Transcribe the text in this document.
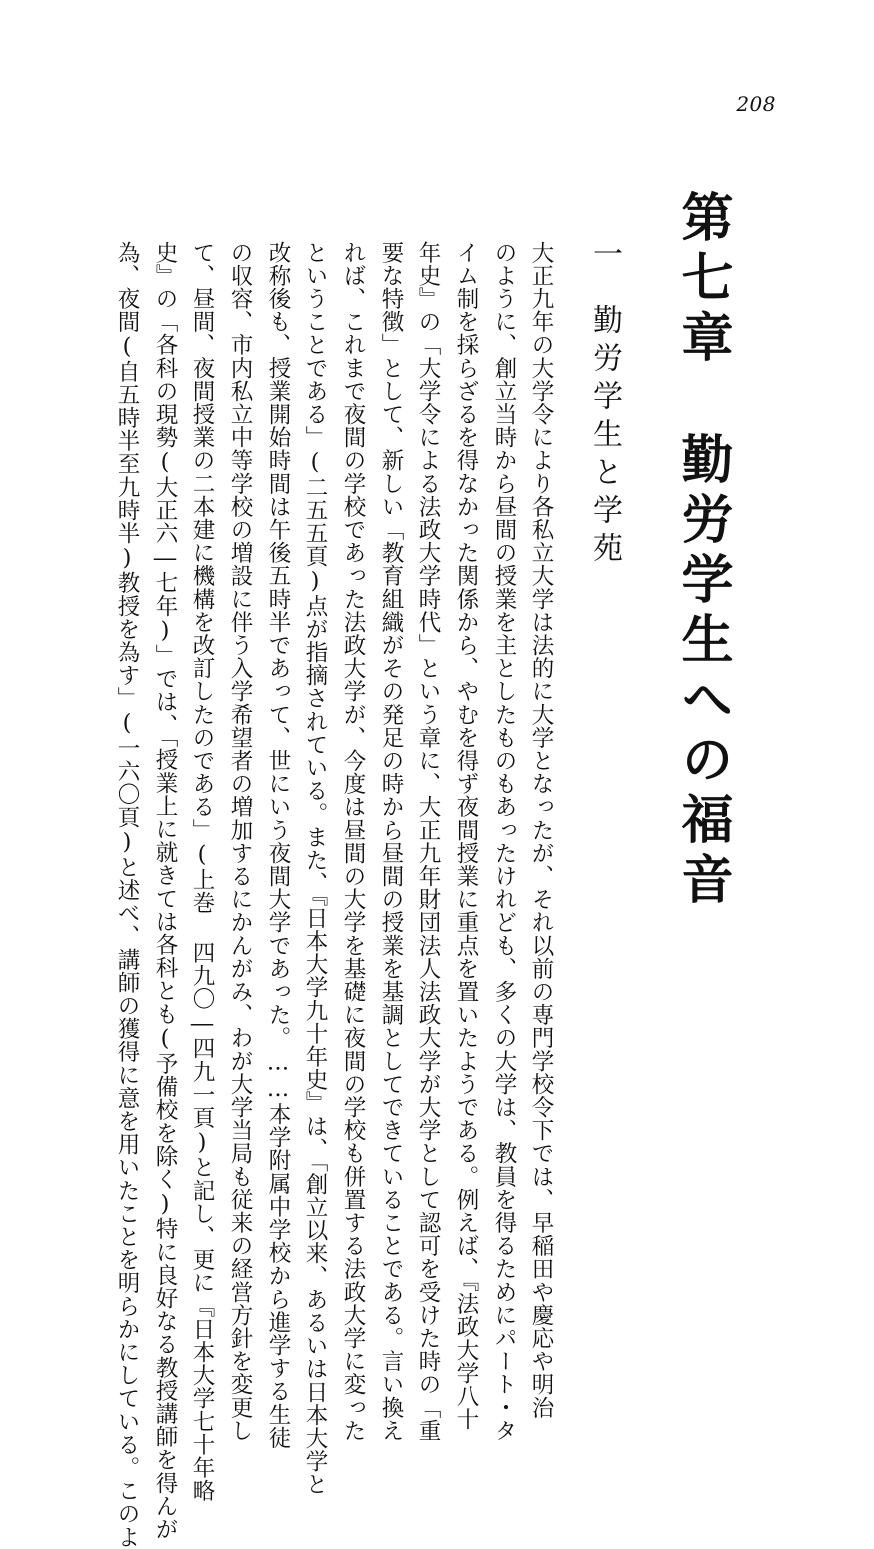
208
第七章勤労学生への福音
一勤労学生と学苑
大正九年の大学令により各私立大学は法的に大学となったが、それ以前の専門学校令下では、早稲田や慶応や明治
のように、創立当時から昼間の授業を主としたものもあったけれども、多くの大学は、教員を得るためにパート・タ
イム制を採らざるを得なかった関係から、やむを得ず夜間授業に重点を置いたようである。例えば、『法政大学八十
年史』の「大学令による法政大学時代」という章に、大正九年財団法人法政大学が大学として認可を受けた時の「重
要な特徴」として、新しい「教育組織がその発足の時から昼間の授業を基調としてできていることである。言い換え
れば、これまで夜間の学校であった法政大学が、今度は昼間の大学を基礎に夜間の学校も併置する法政大学に変った
ということである」(二五五頁)点が指摘されている。また、『日本大学九十年史』は、「創立以来、あるいは日本大学と
改称後も、授業開始時間は午後五時半であって、世にいう夜間大学であった。……本学附属中学校から進学する生徒
の収容、市内私立中等学校の増設に伴う入学希望者の増加するにかんがみ、わが大学当局も従来の経営方針を変更し
て、昼間、夜間授業の二本建に機構を改訂したのである」(上巻 四九〇―四九一頁)と記し、更に『日本大学七十年略
史』の「各科の現勢(大正六―七年)」では、「授業上に就きては各科とも(予備校を除く)特に良好なる教授講師を得んが
為、夜間(自五時半至九時半)教授を為す」(一六〇頁)と述べ、講師の獲得に意を用いたことを明らかにしている。このよ
